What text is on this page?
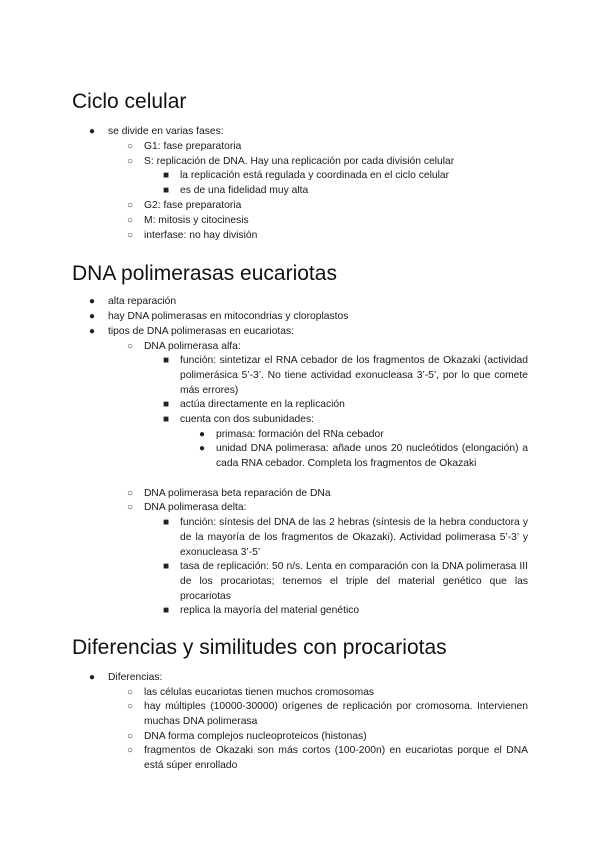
Ciclo celular
●	se divide en varias fases:
○	G1: fase preparatoria
○	S: replicación de DNA. Hay una replicación por cada división celular
■	la replicación está regulada y coordinada en el ciclo celular
■	es de una fidelidad muy alta
○	G2: fase preparatoria
○	M: mitosis y citocinesis
○	interfase: no hay división
DNA polimerasas eucariotas
●	alta reparación
●	hay DNA polimerasas en mitocondrias y cloroplastos
●	tipos de DNA polimerasas en eucariotas:
○	DNA polimerasa alfa:
■	función: sintetizar el RNA cebador de los fragmentos de Okazaki (actividad polimerásica 5’-3’. No tiene actividad exonucleasa 3’-5’, por lo que comete más errores)
■	actúa directamente en la replicación
■	cuenta con dos subunidades:
●	primasa: formación del RNa cebador
●	unidad DNA polimerasa: añade unos 20 nucleótidos (elongación) a cada RNA cebador. Completa los fragmentos de Okazaki
○	DNA polimerasa beta reparación de DNa
○	DNA polimerasa delta:
■	función: síntesis del DNA de las 2 hebras (síntesis de la hebra conductora y de la mayoría de los fragmentos de Okazaki). Actividad polimerasa 5’-3’ y exonucleasa 3’-5’
■	tasa de replicación: 50 n/s. Lenta en comparación con la DNA polimerasa III de los procariotas; tenemos el triple del material genético que las procariotas
■	replica la mayoría del material genético
Diferencias y similitudes con procariotas
●	Diferencias:
○	las células eucariotas tienen muchos cromosomas
○	hay múltiples (10000-30000) orígenes de replicación por cromosoma. Intervienen muchas DNA polimerasa
○	DNA forma complejos nucleoproteicos (histonas)
○	fragmentos de Okazaki son más cortos (100-200n) en eucariotas porque el DNA está súper enrollado
